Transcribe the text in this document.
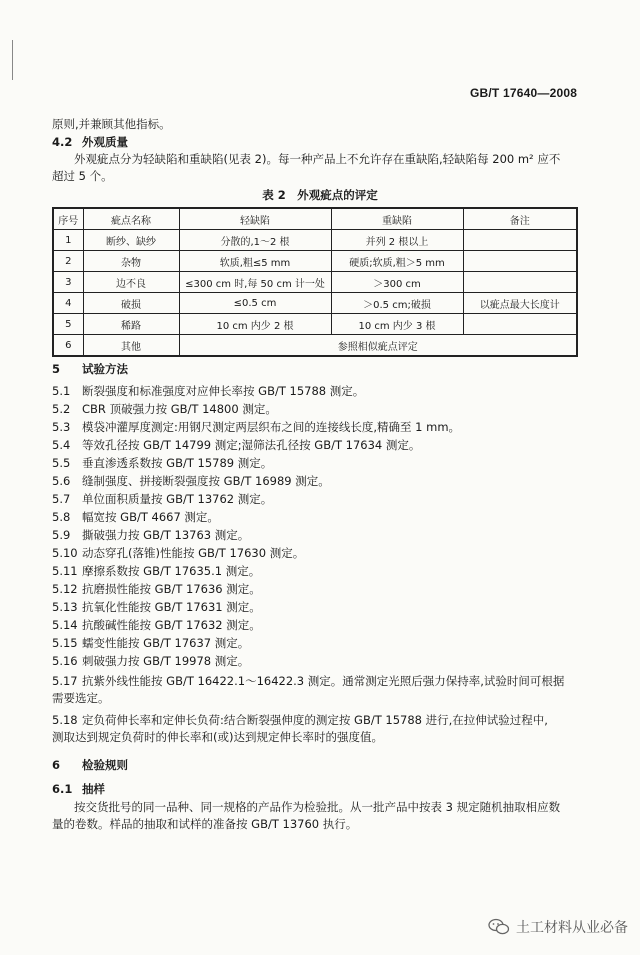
GB/T 17640—2008
原则,并兼顾其他指标。
4.2 外观质量
外观疵点分为轻缺陷和重缺陷(见表 2)。每一种产品上不允许存在重缺陷,轻缺陷每 200 m² 应不
超过 5 个。
表 2　外观疵点的评定
序号	疵点名称	轻缺陷	重缺陷	备注
1	断纱、缺纱	分散的,1～2 根	并列 2 根以上	
2	杂物	软质,粗≤5 mm	硬质;软质,粗＞5 mm	
3	边不良	≤300 cm 时,每 50 cm 计一处	＞300 cm	
4	破损	≤0.5 cm	＞0.5 cm;破损	以疵点最大长度计
5	稀路	10 cm 内少 2 根	10 cm 内少 3 根	
6	其他	参照相似疵点评定		
5 试验方法
5.1 断裂强度和标准强度对应伸长率按 GB/T 15788 测定。
5.2 CBR 顶破强力按 GB/T 14800 测定。
5.3 模袋冲灌厚度测定:用钢尺测定两层织布之间的连接线长度,精确至 1 mm。
5.4 等效孔径按 GB/T 14799 测定;湿筛法孔径按 GB/T 17634 测定。
5.5 垂直渗透系数按 GB/T 15789 测定。
5.6 缝制强度、拼接断裂强度按 GB/T 16989 测定。
5.7 单位面积质量按 GB/T 13762 测定。
5.8 幅宽按 GB/T 4667 测定。
5.9 撕破强力按 GB/T 13763 测定。
5.10 动态穿孔(落锥)性能按 GB/T 17630 测定。
5.11 摩擦系数按 GB/T 17635.1 测定。
5.12 抗磨损性能按 GB/T 17636 测定。
5.13 抗氧化性能按 GB/T 17631 测定。
5.14 抗酸碱性能按 GB/T 17632 测定。
5.15 蠕变性能按 GB/T 17637 测定。
5.16 刺破强力按 GB/T 19978 测定。
5.17 抗紫外线性能按 GB/T 16422.1～16422.3 测定。通常测定光照后强力保持率,试验时间可根据
需要选定。
5.18 定负荷伸长率和定伸长负荷:结合断裂强伸度的测定按 GB/T 15788 进行,在拉伸试验过程中,
测取达到规定负荷时的伸长率和(或)达到规定伸长率时的强度值。
6 检验规则
6.1 抽样
按交货批号的同一品种、同一规格的产品作为检验批。从一批产品中按表 3 规定随机抽取相应数
量的卷数。样品的抽取和试样的准备按 GB/T 13760 执行。
土工材料从业必备
